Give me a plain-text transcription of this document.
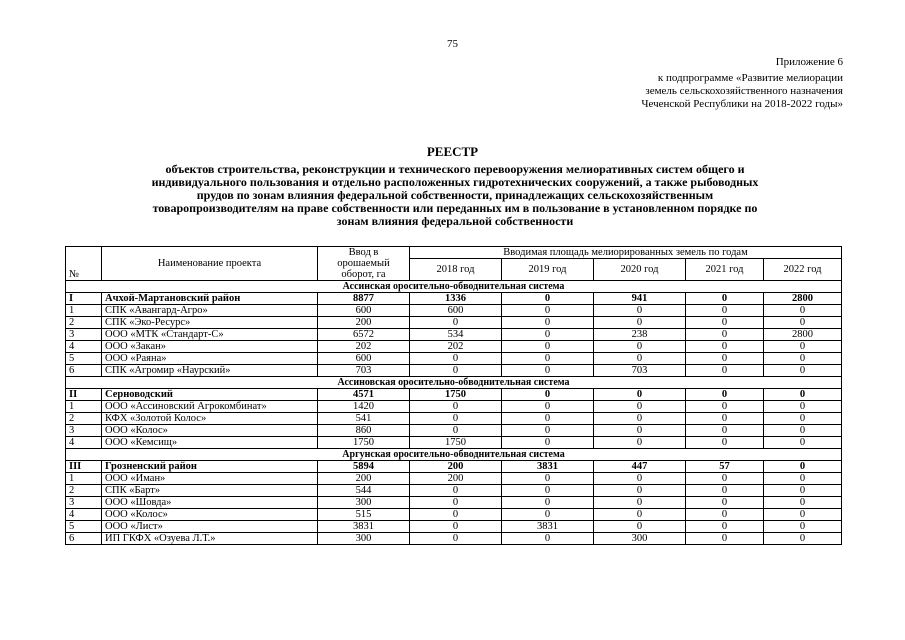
75
Приложение 6
к подпрограмме «Развитие мелиорации
земель сельскохозяйственного назначения
Чеченской Республики на 2018-2022 годы»
РЕЕСТР
объектов строительства, реконструкции и технического перевооружения мелиоративных систем общего и
индивидуального пользования и отдельно расположенных гидротехнических сооружений, а также рыбоводных
прудов по зонам влияния федеральной собственности, принадлежащих сельскохозяйственным
товаропроизводителям на праве собственности или переданных им в пользование в установленном порядке по
зонам влияния федеральной собственности
№	Наименование проекта	Ввод в
орошаемый
оборот, га	Вводимая площадь мелиорированных земель по годам				
			2018 год	2019 год	2020 год	2021 год	2022 год
Ассинская оросительно-обводнительная система							
I	Ачхой-Мартановский район	8877	1336	0	941	0	2800
1	СПК «Авангард-Агро»	600	600	0	0	0	0
2	СПК «Эко-Ресурс»	200	0	0	0	0	0
3	ООО «МТК «Стандарт-С»	6572	534	0	238	0	2800
4	ООО «Закан»	202	202	0	0	0	0
5	ООО «Раяна»	600	0	0	0	0	0
6	СПК «Агромир «Наурский»	703	0	0	703	0	0
Ассиновская оросительно-обводнительная система							
II	Серноводский	4571	1750	0	0	0	0
1	ООО «Ассиновский Агрокомбинат»	1420	0	0	0	0	0
2	КФХ «Золотой Колос»	541	0	0	0	0	0
3	ООО «Колос»	860	0	0	0	0	0
4	ООО «Кемсищ»	1750	1750	0	0	0	0
Аргунская оросительно-обводнительная система							
III	Грозненский район	5894	200	3831	447	57	0
1	ООО «Иман»	200	200	0	0	0	0
2	СПК «Барт»	544	0	0	0	0	0
3	ООО «Шовда»	300	0	0	0	0	0
4	ООО «Колос»	515	0	0	0	0	0
5	ООО «Лист»	3831	0	3831	0	0	0
6	ИП ГКФХ «Озуева Л.Т.»	300	0	0	300	0	0
